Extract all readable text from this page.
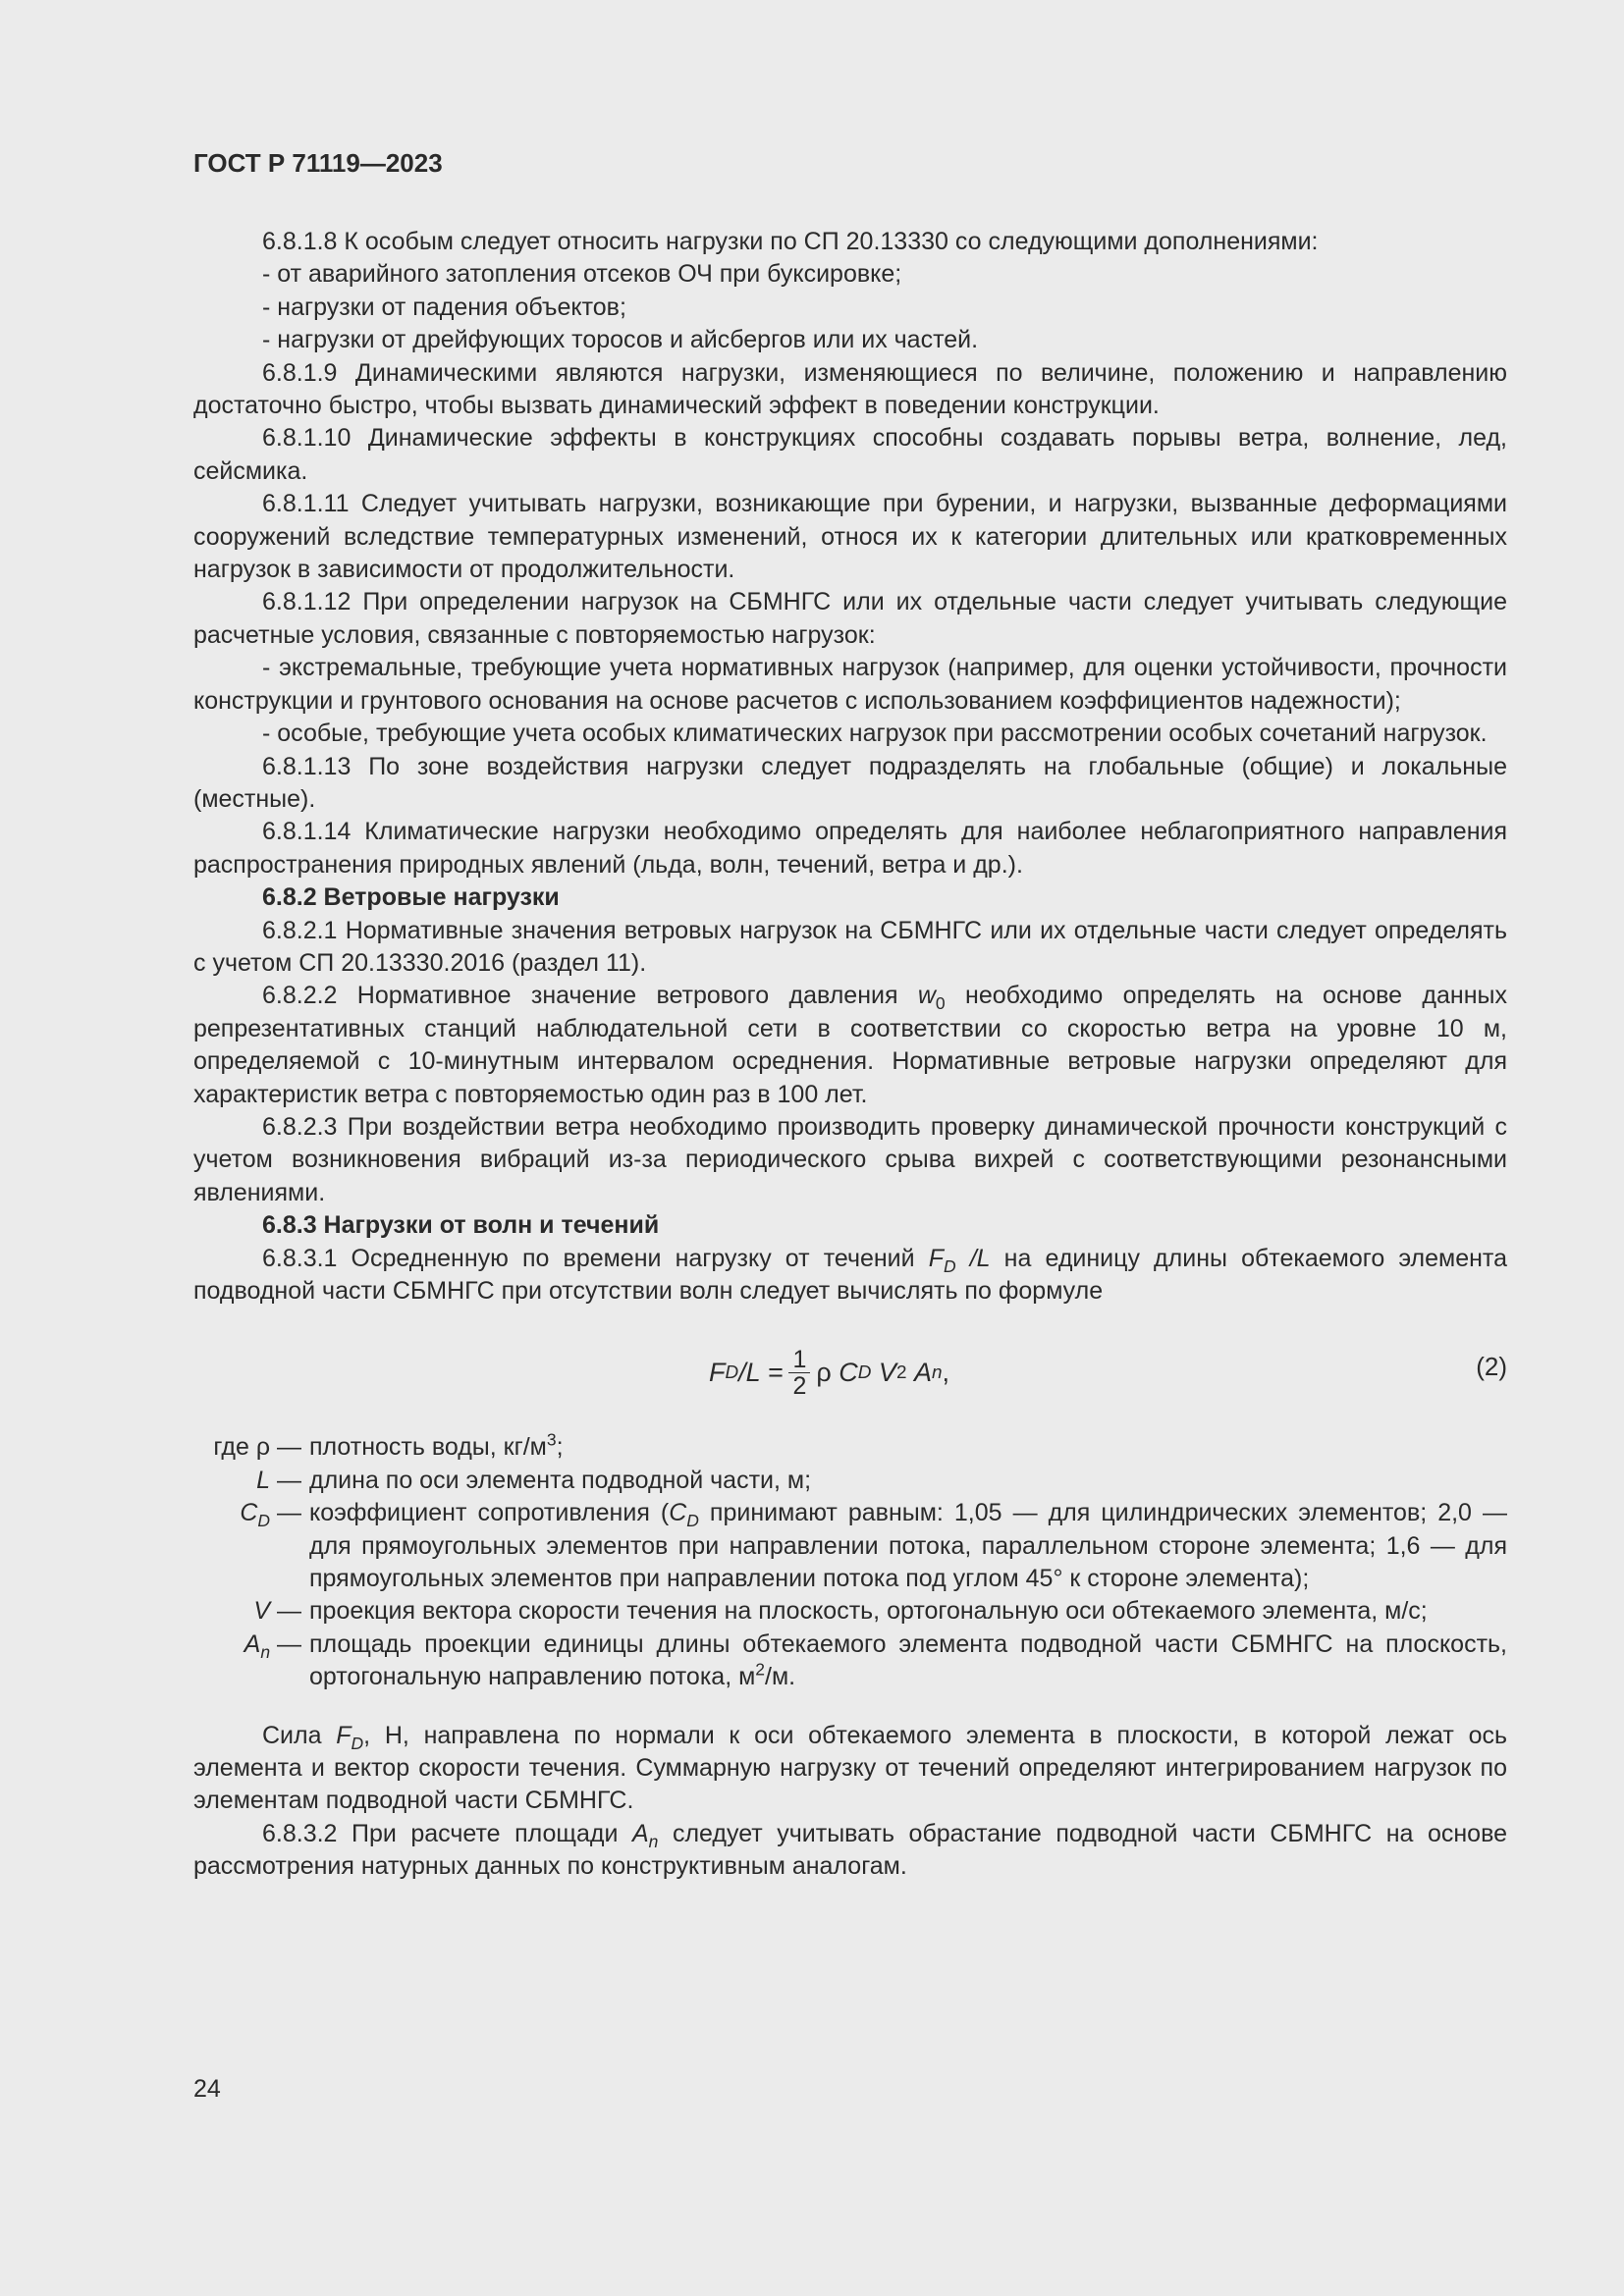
ГОСТ Р 71119—2023

6.8.1.8 К особым следует относить нагрузки по СП 20.13330 со следующими дополнениями:

- от аварийного затопления отсеков ОЧ при буксировке;

- нагрузки от падения объектов;

- нагрузки от дрейфующих торосов и айсбергов или их частей.

6.8.1.9 Динамическими являются нагрузки, изменяющиеся по величине, положению и направлению достаточно быстро, чтобы вызвать динамический эффект в поведении конструкции.

6.8.1.10 Динамические эффекты в конструкциях способны создавать порывы ветра, волнение, лед, сейсмика.

6.8.1.11 Следует учитывать нагрузки, возникающие при бурении, и нагрузки, вызванные деформациями сооружений вследствие температурных изменений, относя их к категории длительных или кратковременных нагрузок в зависимости от продолжительности.

6.8.1.12 При определении нагрузок на СБМНГС или их отдельные части следует учитывать следующие расчетные условия, связанные с повторяемостью нагрузок:

- экстремальные, требующие учета нормативных нагрузок (например, для оценки устойчивости, прочности конструкции и грунтового основания на основе расчетов с использованием коэффициентов надежности);

- особые, требующие учета особых климатических нагрузок при рассмотрении особых сочетаний нагрузок.

6.8.1.13 По зоне воздействия нагрузки следует подразделять на глобальные (общие) и локальные (местные).

6.8.1.14 Климатические нагрузки необходимо определять для наиболее неблагоприятного направления распространения природных явлений (льда, волн, течений, ветра и др.).

6.8.2 Ветровые нагрузки

6.8.2.1 Нормативные значения ветровых нагрузок на СБМНГС или их отдельные части следует определять с учетом СП 20.13330.2016 (раздел 11).

6.8.2.2 Нормативное значение ветрового давления $w_0$ необходимо определять на основе данных репрезентативных станций наблюдательной сети в соответствии со скоростью ветра на уровне 10 м, определяемой с 10-минутным интервалом осреднения. Нормативные ветровые нагрузки определяют для характеристик ветра с повторяемостью один раз в 100 лет.

6.8.2.3 При воздействии ветра необходимо производить проверку динамической прочности конструкций с учетом возникновения вибраций из-за периодического срыва вихрей с соответствующими резонансными явлениями.

6.8.3 Нагрузки от волн и течений

6.8.3.1 Осредненную по времени нагрузку от течений $F_D$ /L на единицу длины обтекаемого элемента подводной части СБМНГС при отсутствии волн следует вычислять по формуле

F D $/L = \frac{1}{2}$ ρ
C D
V 2
A n ,	(2)
где ρ — плотность воды, $кг/м^3$;
L — длина по оси элемента подводной части, м;
$C_D$ — коэффициент сопротивления ($C_D$ принимают равным: 1,05 — для цилиндрических элементов; 2,0 — для прямоугольных элементов при направлении потока, параллельном стороне элемента; 1,6 — для прямоугольных элементов при направлении потока под углом 45° к стороне элемента);
V — проекция вектора скорости течения на плоскость, ортогональную оси обтекаемого элемента, м/с;
$A_n$ — площадь проекции единицы длины обтекаемого элемента подводной части СБМНГС на плоскость, ортогональную направлению потока, $м^2/м$.

Сила $F_D$, Н, направлена по нормали к оси обтекаемого элемента в плоскости, в которой лежат ось элемента и вектор скорости течения. Суммарную нагрузку от течений определяют интегрированием нагрузок по элементам подводной части СБМНГС.

6.8.3.2 При расчете площади $A_n$ следует учитывать обрастание подводной части СБМНГС на основе рассмотрения натурных данных по конструктивным аналогам.

24
